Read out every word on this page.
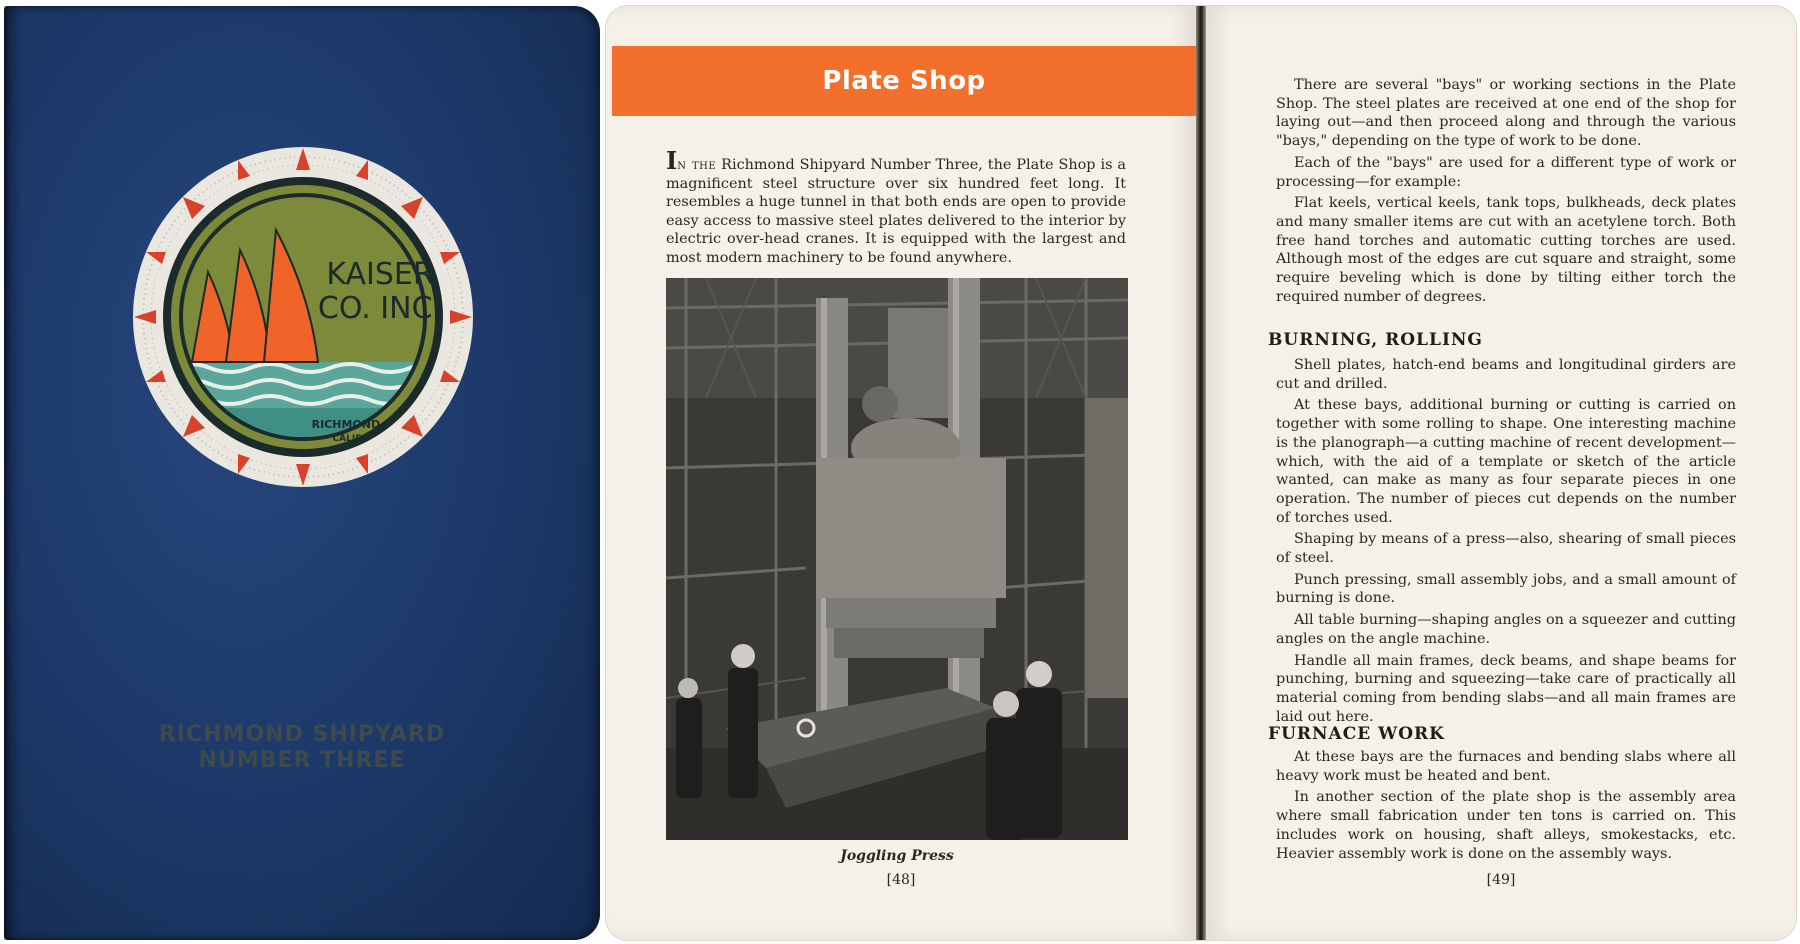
KAISER
CO. INC.
RICHMOND,
CALIF.
RICHMOND SHIPYARD
NUMBER THREE
Plate Shop
In the Richmond Shipyard Number Three, the Plate Shop is a magnificent steel structure over six hundred feet long. It resembles a huge tunnel in that both ends are open to provide easy access to massive steel plates delivered to the interior by electric over-head cranes. It is equipped with the largest and most modern machinery to be found anywhere.
Joggling Press
[48]

There are several "bays" or working sections in the Plate Shop. The steel plates are received at one end of the shop for laying out—and then proceed along and through the various "bays," depending on the type of work to be done.

Each of the "bays" are used for a different type of work or processing—for example:

Flat keels, vertical keels, tank tops, bulkheads, deck plates and many smaller items are cut with an acetylene torch. Both free hand torches and automatic cutting torches are used. Although most of the edges are cut square and straight, some require beveling which is done by tilting either torch the required number of degrees.

BURNING, ROLLING

Shell plates, hatch-end beams and longitudinal girders are cut and drilled.

At these bays, additional burning or cutting is carried on together with some rolling to shape. One interesting machine is the planograph—a cutting machine of recent development—which, with the aid of a template or sketch of the article wanted, can make as many as four separate pieces in one operation. The number of pieces cut depends on the number of torches used.

Shaping by means of a press—also, shearing of small pieces of steel.

Punch pressing, small assembly jobs, and a small amount of burning is done.

All table burning—shaping angles on a squeezer and cutting angles on the angle machine.

Handle all main frames, deck beams, and shape beams for punching, burning and squeezing—take care of practically all material coming from bending slabs—and all main frames are laid out here.

FURNACE WORK

At these bays are the furnaces and bending slabs where all heavy work must be heated and bent.

In another section of the plate shop is the assembly area where small fabrication under ten tons is carried on. This includes work on housing, shaft alleys, smokestacks, etc. Heavier assembly work is done on the assembly ways.

[49]
